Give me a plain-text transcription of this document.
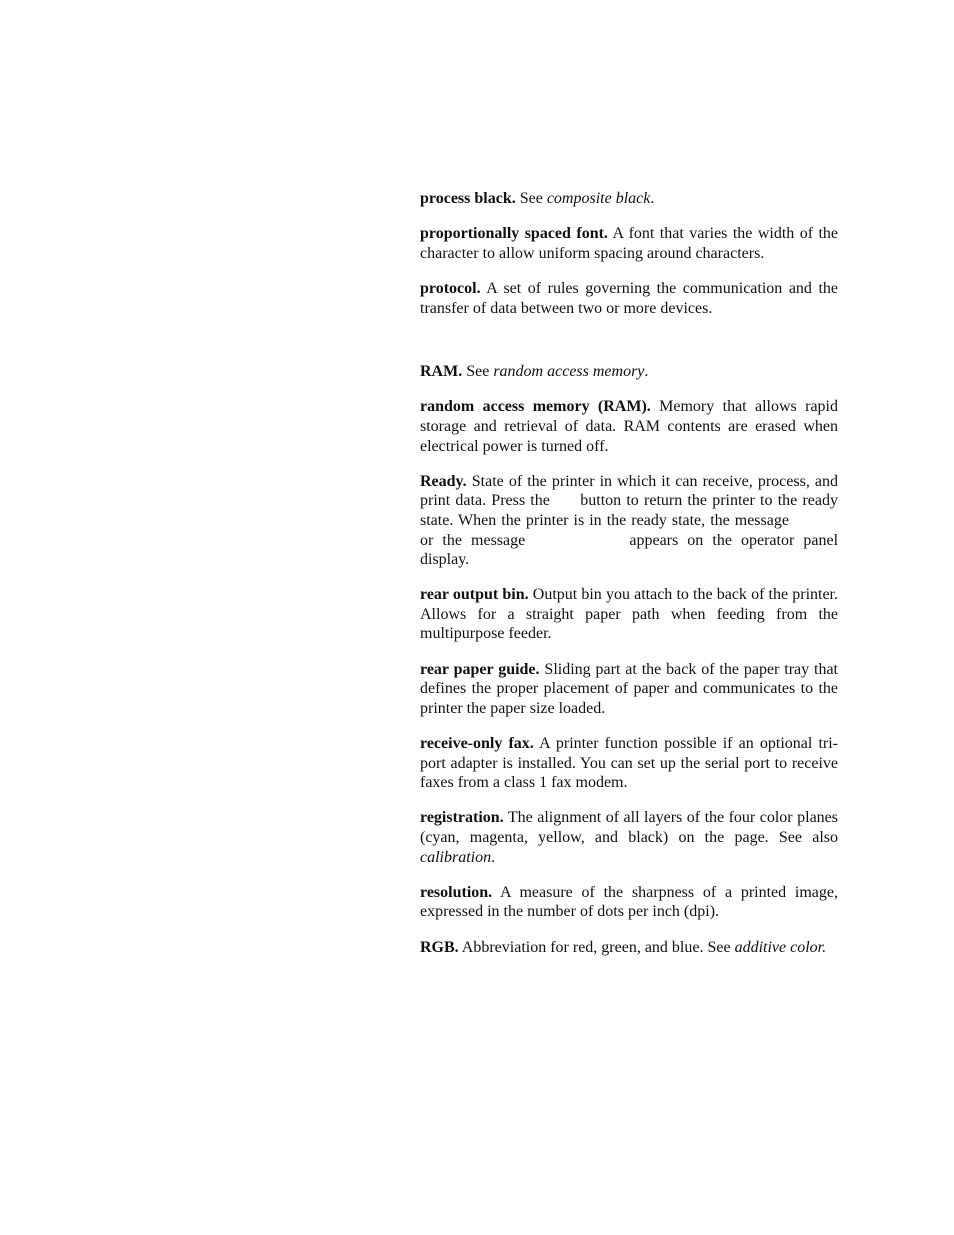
process black. See composite black.

proportionally spaced font. A font that varies the width of the character to allow uniform spacing around characters.

protocol. A set of rules governing the communication and the transfer of data between two or more devices.

RAM. See random access memory.

random access memory (RAM). Memory that allows rapid storage and retrieval of data. RAM contents are erased when electrical power is turned off.

Ready. State of the printer in which it can receive, process, and print data. Press the  button to return the printer to the ready state. When the printer is in the ready state, the message  or the message	appears on the operator panel display.

rear output bin. Output bin you attach to the back of the printer. Allows for a straight paper path when feeding from the multipurpose feeder.

rear paper guide. Sliding part at the back of the paper tray that defines the proper placement of paper and communicates to the printer the paper size loaded.

receive-only fax. A printer function possible if an optional tri-port adapter is installed. You can set up the serial port to receive faxes from a class 1 fax modem.

registration. The alignment of all layers of the four color planes (cyan, magenta, yellow, and black) on the page. See also calibration.

resolution. A measure of the sharpness of a printed image, expressed in the number of dots per inch (dpi).

RGB. Abbreviation for red, green, and blue. See additive color.
